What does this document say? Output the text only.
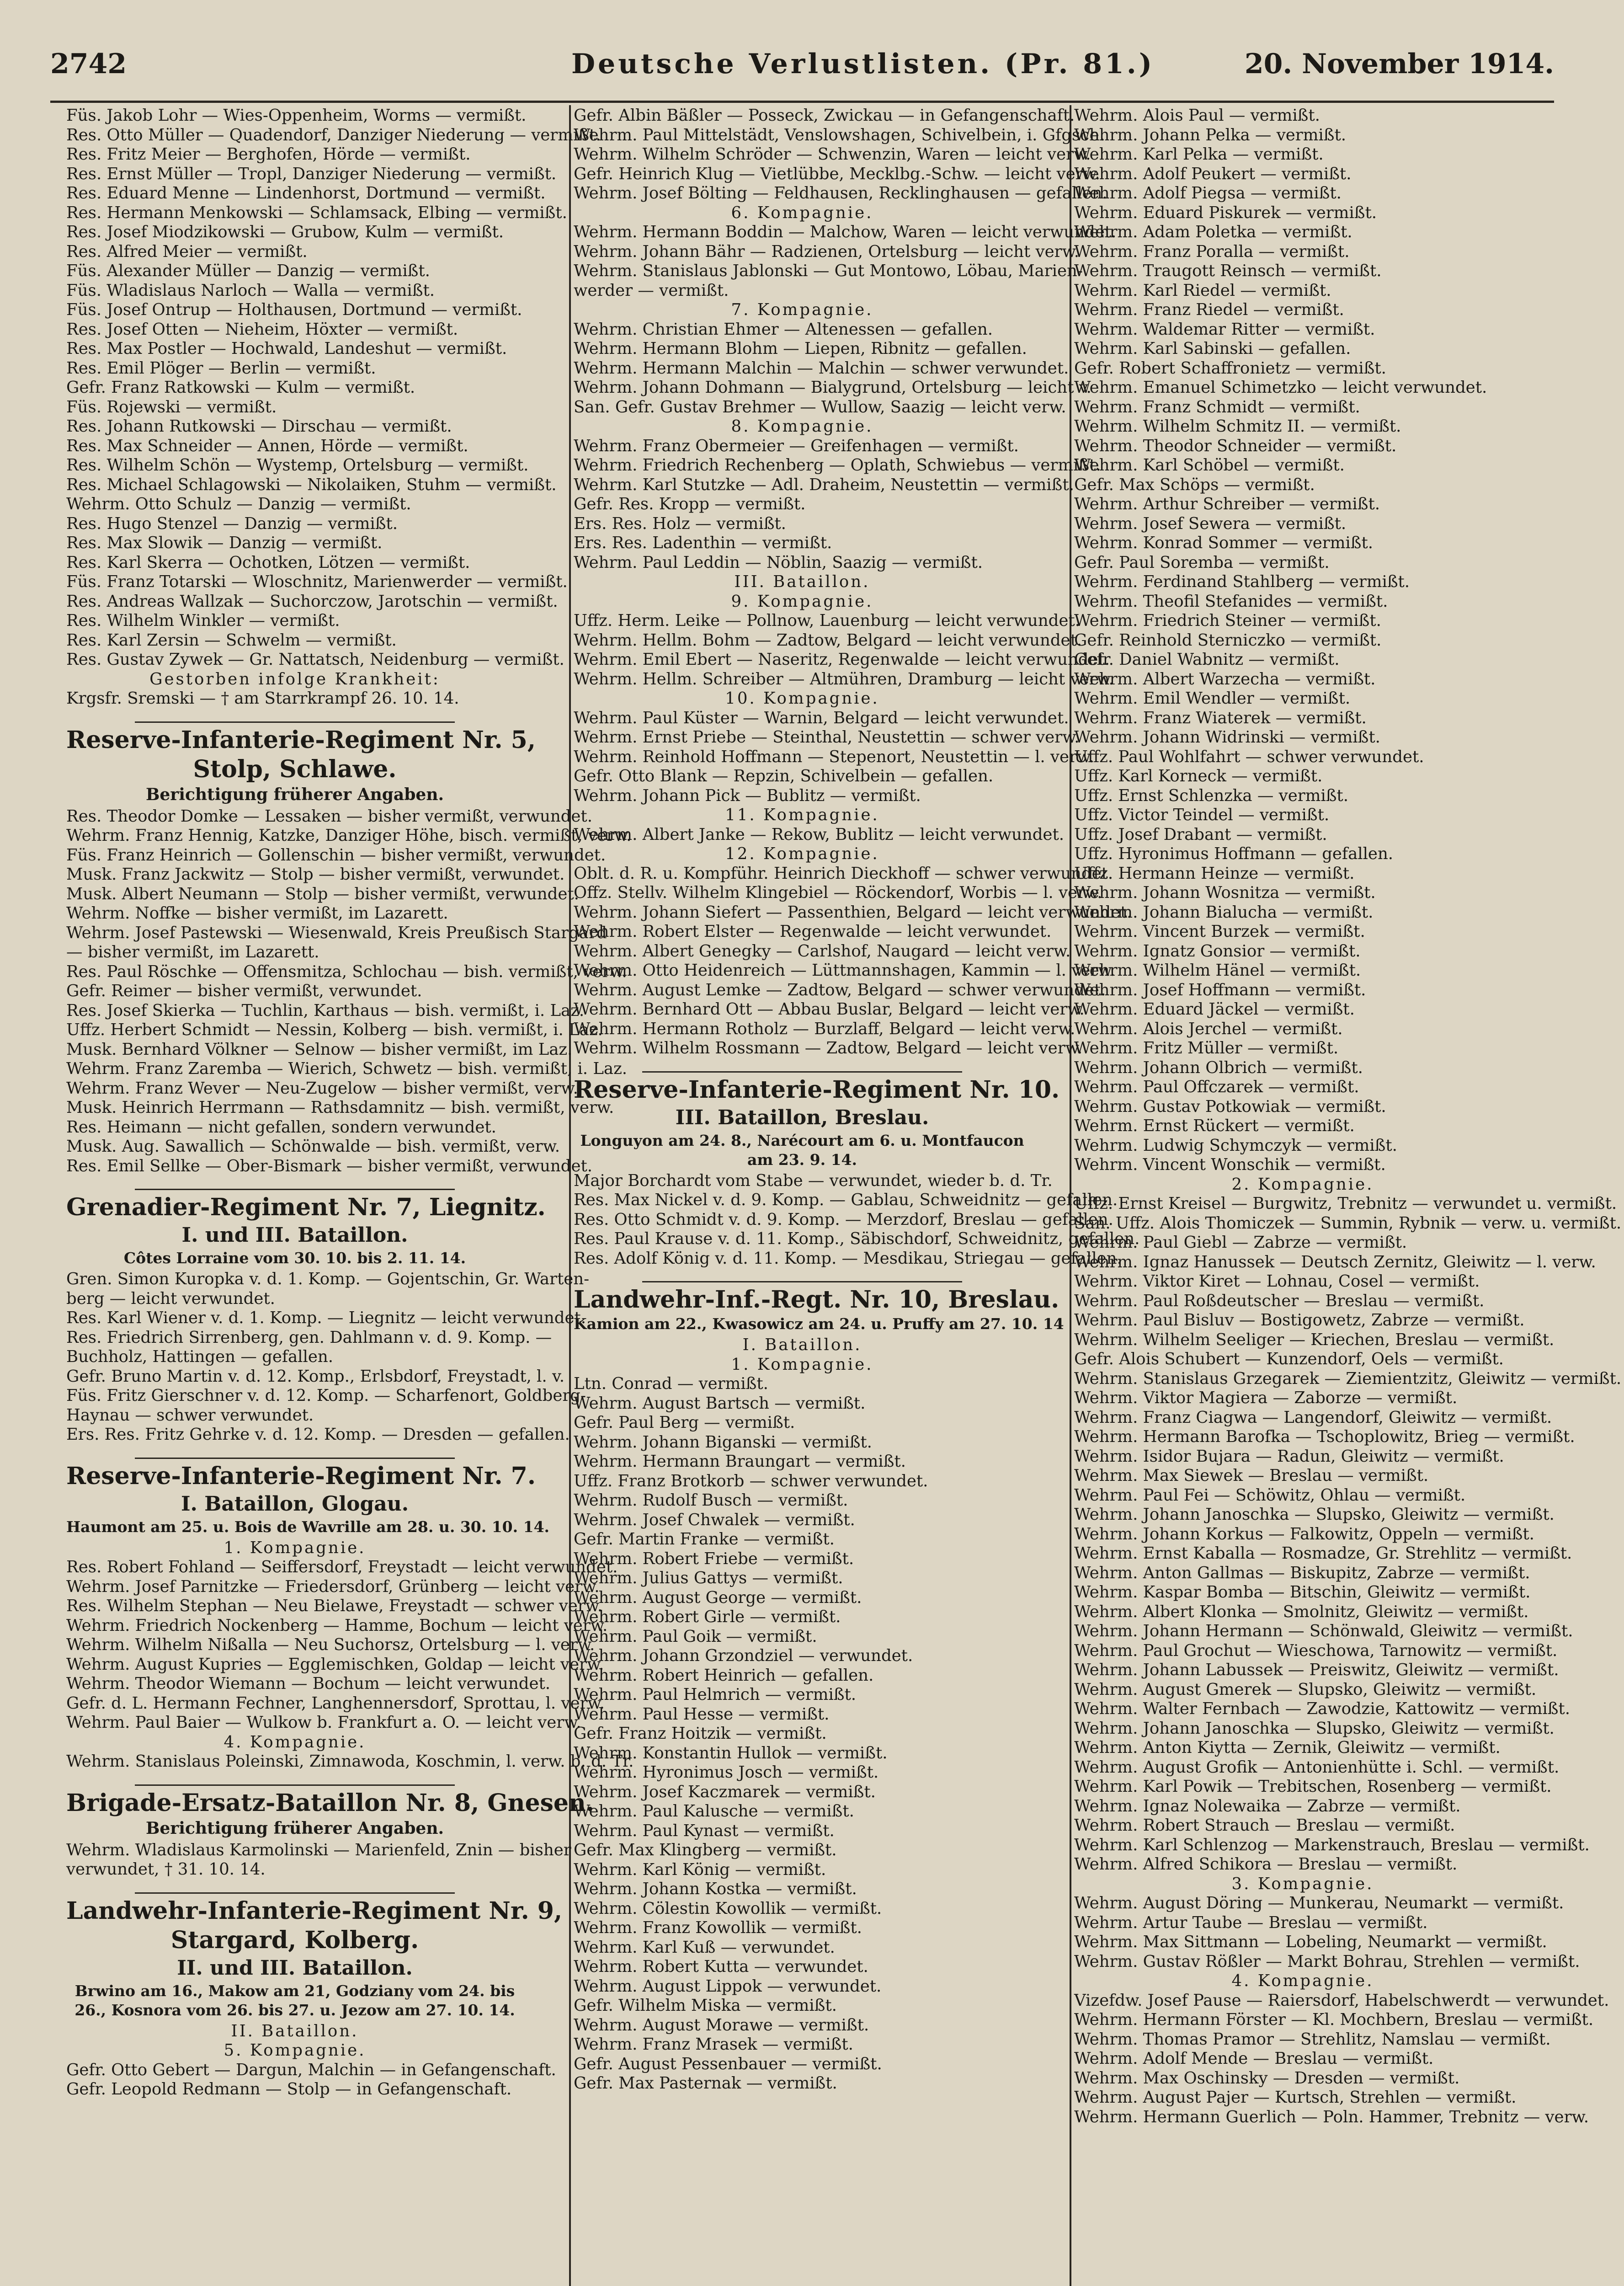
2742	Deutsche Verlustlisten. (Pr. 81.)	20. November 1914.
Füs. Jakob Lohr — Wies-Oppenheim, Worms — vermißt.
Res. Otto Müller — Quadendorf, Danziger Niederung — vermißt.
Res. Fritz Meier — Berghofen, Hörde — vermißt.
Res. Ernst Müller — Tropl, Danziger Niederung — vermißt.
Res. Eduard Menne — Lindenhorst, Dortmund — vermißt.
Res. Hermann Menkowski — Schlamsack, Elbing — vermißt.
Res. Josef Miodzikowski — Grubow, Kulm — vermißt.
Res. Alfred Meier — vermißt.
Füs. Alexander Müller — Danzig — vermißt.
Füs. Wladislaus Narloch — Walla — vermißt.
Füs. Josef Ontrup — Holthausen, Dortmund — vermißt.
Res. Josef Otten — Nieheim, Höxter — vermißt.
Res. Max Postler — Hochwald, Landeshut — vermißt.
Res. Emil Plöger — Berlin — vermißt.
Gefr. Franz Ratkowski — Kulm — vermißt.
Füs. Rojewski — vermißt.
Res. Johann Rutkowski — Dirschau — vermißt.
Res. Max Schneider — Annen, Hörde — vermißt.
Res. Wilhelm Schön — Wystemp, Ortelsburg — vermißt.
Res. Michael Schlagowski — Nikolaiken, Stuhm — vermißt.
Wehrm. Otto Schulz — Danzig — vermißt.
Res. Hugo Stenzel — Danzig — vermißt.
Res. Max Slowik — Danzig — vermißt.
Res. Karl Skerra — Ochotken, Lötzen — vermißt.
Füs. Franz Totarski — Wloschnitz, Marienwerder — vermißt.
Res. Andreas Wallzak — Suchorczow, Jarotschin — vermißt.
Res. Wilhelm Winkler — vermißt.
Res. Karl Zersin — Schwelm — vermißt.
Res. Gustav Zywek — Gr. Nattatsch, Neidenburg — vermißt.
Gestorben infolge Krankheit:
Krgsfr. Sremski — † am Starrkrampf 26. 10. 14.
Reserve-Infanterie-Regiment Nr. 5,
Stolp, Schlawe.
Berichtigung früherer Angaben.
Res. Theodor Domke — Lessaken — bisher vermißt, verwundet.
Wehrm. Franz Hennig, Katzke, Danziger Höhe, bisch. vermißt, verw.
Füs. Franz Heinrich — Gollenschin — bisher vermißt, verwundet.
Musk. Franz Jackwitz — Stolp — bisher vermißt, verwundet.
Musk. Albert Neumann — Stolp — bisher vermißt, verwundet.
Wehrm. Noffke — bisher vermißt, im Lazarett.
Wehrm. Josef Pastewski — Wiesenwald, Kreis Preußisch Stargard
— bisher vermißt, im Lazarett.
Res. Paul Röschke — Offensmitza, Schlochau — bish. vermißt, verw.
Gefr. Reimer — bisher vermißt, verwundet.
Res. Josef Skierka — Tuchlin, Karthaus — bish. vermißt, i. Laz.
Uffz. Herbert Schmidt — Nessin, Kolberg — bish. vermißt, i. Laz.
Musk. Bernhard Völkner — Selnow — bisher vermißt, im Laz.
Wehrm. Franz Zaremba — Wierich, Schwetz — bish. vermißt, i. Laz.
Wehrm. Franz Wever — Neu-Zugelow — bisher vermißt, verw.
Musk. Heinrich Herrmann — Rathsdamnitz — bish. vermißt, verw.
Res. Heimann — nicht gefallen, sondern verwundet.
Musk. Aug. Sawallich — Schönwalde — bish. vermißt, verw.
Res. Emil Sellke — Ober-Bismark — bisher vermißt, verwundet.
Grenadier-Regiment Nr. 7, Liegnitz.
I. und III. Bataillon.
Côtes Lorraine vom 30. 10. bis 2. 11. 14.
Gren. Simon Kuropka v. d. 1. Komp. — Gojentschin, Gr. Warten-
berg — leicht verwundet.
Res. Karl Wiener v. d. 1. Komp. — Liegnitz — leicht verwundet.
Res. Friedrich Sirrenberg, gen. Dahlmann v. d. 9. Komp. —
Buchholz, Hattingen — gefallen.
Gefr. Bruno Martin v. d. 12. Komp., Erlsbdorf, Freystadt, l. v.
Füs. Fritz Gierschner v. d. 12. Komp. — Scharfenort, Goldberg-
Haynau — schwer verwundet.
Ers. Res. Fritz Gehrke v. d. 12. Komp. — Dresden — gefallen.
Reserve-Infanterie-Regiment Nr. 7.
I. Bataillon, Glogau.
Haumont am 25. u. Bois de Wavrille am 28. u. 30. 10. 14.
1. Kompagnie.
Res. Robert Fohland — Seiffersdorf, Freystadt — leicht verwundet.
Wehrm. Josef Parnitzke — Friedersdorf, Grünberg — leicht verw.
Res. Wilhelm Stephan — Neu Bielawe, Freystadt — schwer verw.
Wehrm. Friedrich Nockenberg — Hamme, Bochum — leicht verw.
Wehrm. Wilhelm Nißalla — Neu Suchorsz, Ortelsburg — l. verw.
Wehrm. August Kupries — Egglemischken, Goldap — leicht verw.
Wehrm. Theodor Wiemann — Bochum — leicht verwundet.
Gefr. d. L. Hermann Fechner, Langhennersdorf, Sprottau, l. verw.
Wehrm. Paul Baier — Wulkow b. Frankfurt a. O. — leicht verw.
4. Kompagnie.
Wehrm. Stanislaus Poleinski, Zimnawoda, Koschmin, l. verw. b. d. Tr.
Brigade-Ersatz-Bataillon Nr. 8, Gnesen.
Berichtigung früherer Angaben.
Wehrm. Wladislaus Karmolinski — Marienfeld, Znin — bisher
verwundet, † 31. 10. 14.
Landwehr-Infanterie-Regiment Nr. 9,
Stargard, Kolberg.
II. und III. Bataillon.
Brwino am 16., Makow am 21, Godziany vom 24. bis
26., Kosnora vom 26. bis 27. u. Jezow am 27. 10. 14.
II. Bataillon.
5. Kompagnie.
Gefr. Otto Gebert — Dargun, Malchin — in Gefangenschaft.
Gefr. Leopold Redmann — Stolp — in Gefangenschaft.
Gefr. Albin Bäßler — Posseck, Zwickau — in Gefangenschaft.
Wehrm. Paul Mittelstädt, Venslowshagen, Schivelbein, i. Gfgsch.
Wehrm. Wilhelm Schröder — Schwenzin, Waren — leicht verw.
Gefr. Heinrich Klug — Vietlübbe, Mecklbg.-Schw. — leicht verw.
Wehrm. Josef Bölting — Feldhausen, Recklinghausen — gefallen.
6. Kompagnie.
Wehrm. Hermann Boddin — Malchow, Waren — leicht verwundet.
Wehrm. Johann Bähr — Radzienen, Ortelsburg — leicht verw.
Wehrm. Stanislaus Jablonski — Gut Montowo, Löbau, Marien-
werder — vermißt.
7. Kompagnie.
Wehrm. Christian Ehmer — Altenessen — gefallen.
Wehrm. Hermann Blohm — Liepen, Ribnitz — gefallen.
Wehrm. Hermann Malchin — Malchin — schwer verwundet.
Wehrm. Johann Dohmann — Bialygrund, Ortelsburg — leicht v.
San. Gefr. Gustav Brehmer — Wullow, Saazig — leicht verw.
8. Kompagnie.
Wehrm. Franz Obermeier — Greifenhagen — vermißt.
Wehrm. Friedrich Rechenberg — Oplath, Schwiebus — vermißt.
Wehrm. Karl Stutzke — Adl. Draheim, Neustettin — vermißt.
Gefr. Res. Kropp — vermißt.
Ers. Res. Holz — vermißt.
Ers. Res. Ladenthin — vermißt.
Wehrm. Paul Leddin — Nöblin, Saazig — vermißt.
III. Bataillon.
9. Kompagnie.
Uffz. Herm. Leike — Pollnow, Lauenburg — leicht verwundet.
Wehrm. Hellm. Bohm — Zadtow, Belgard — leicht verwundet.
Wehrm. Emil Ebert — Naseritz, Regenwalde — leicht verwundet.
Wehrm. Hellm. Schreiber — Altmühren, Dramburg — leicht verw.
10. Kompagnie.
Wehrm. Paul Küster — Warnin, Belgard — leicht verwundet.
Wehrm. Ernst Priebe — Steinthal, Neustettin — schwer verw.
Wehrm. Reinhold Hoffmann — Stepenort, Neustettin — l. verw.
Gefr. Otto Blank — Repzin, Schivelbein — gefallen.
Wehrm. Johann Pick — Bublitz — vermißt.
11. Kompagnie.
Wehrm. Albert Janke — Rekow, Bublitz — leicht verwundet.
12. Kompagnie.
Oblt. d. R. u. Kompführ. Heinrich Dieckhoff — schwer verwundet.
Offz. Stellv. Wilhelm Klingebiel — Röckendorf, Worbis — l. verw.
Wehrm. Johann Siefert — Passenthien, Belgard — leicht verwundet.
Wehrm. Robert Elster — Regenwalde — leicht verwundet.
Wehrm. Albert Genegky — Carlshof, Naugard — leicht verw.
Wehrm. Otto Heidenreich — Lüttmannshagen, Kammin — l. verw.
Wehrm. August Lemke — Zadtow, Belgard — schwer verwundet.
Wehrm. Bernhard Ott — Abbau Buslar, Belgard — leicht verw.
Wehrm. Hermann Rotholz — Burzlaff, Belgard — leicht verw.
Wehrm. Wilhelm Rossmann — Zadtow, Belgard — leicht verw.
Reserve-Infanterie-Regiment Nr. 10.
III. Bataillon, Breslau.
Longuyon am 24. 8., Narécourt am 6. u. Montfaucon
am 23. 9. 14.
Major Borchardt vom Stabe — verwundet, wieder b. d. Tr.
Res. Max Nickel v. d. 9. Komp. — Gablau, Schweidnitz — gefallen.
Res. Otto Schmidt v. d. 9. Komp. — Merzdorf, Breslau — gefallen.
Res. Paul Krause v. d. 11. Komp., Säbischdorf, Schweidnitz, gefallen.
Res. Adolf König v. d. 11. Komp. — Mesdikau, Striegau — gefallen.
Landwehr-Inf.-Regt. Nr. 10, Breslau.
Kamion am 22., Kwasowicz am 24. u. Pruffy am 27. 10. 14
I. Bataillon.
1. Kompagnie.
Ltn. Conrad — vermißt.
Wehrm. August Bartsch — vermißt.
Gefr. Paul Berg — vermißt.
Wehrm. Johann Biganski — vermißt.
Wehrm. Hermann Braungart — vermißt.
Uffz. Franz Brotkorb — schwer verwundet.
Wehrm. Rudolf Busch — vermißt.
Wehrm. Josef Chwalek — vermißt.
Gefr. Martin Franke — vermißt.
Wehrm. Robert Friebe — vermißt.
Wehrm. Julius Gattys — vermißt.
Wehrm. August George — vermißt.
Wehrm. Robert Girle — vermißt.
Wehrm. Paul Goik — vermißt.
Wehrm. Johann Grzondziel — verwundet.
Wehrm. Robert Heinrich — gefallen.
Wehrm. Paul Helmrich — vermißt.
Wehrm. Paul Hesse — vermißt.
Gefr. Franz Hoitzik — vermißt.
Wehrm. Konstantin Hullok — vermißt.
Wehrm. Hyronimus Josch — vermißt.
Wehrm. Josef Kaczmarek — vermißt.
Wehrm. Paul Kalusche — vermißt.
Wehrm. Paul Kynast — vermißt.
Gefr. Max Klingberg — vermißt.
Wehrm. Karl König — vermißt.
Wehrm. Johann Kostka — vermißt.
Wehrm. Cölestin Kowollik — vermißt.
Wehrm. Franz Kowollik — vermißt.
Wehrm. Karl Kuß — verwundet.
Wehrm. Robert Kutta — verwundet.
Wehrm. August Lippok — verwundet.
Gefr. Wilhelm Miska — vermißt.
Wehrm. August Morawe — vermißt.
Wehrm. Franz Mrasek — vermißt.
Gefr. August Pessenbauer — vermißt.
Gefr. Max Pasternak — vermißt.
Wehrm. Alois Paul — vermißt.
Wehrm. Johann Pelka — vermißt.
Wehrm. Karl Pelka — vermißt.
Wehrm. Adolf Peukert — vermißt.
Wehrm. Adolf Piegsa — vermißt.
Wehrm. Eduard Piskurek — vermißt.
Wehrm. Adam Poletka — vermißt.
Wehrm. Franz Poralla — vermißt.
Wehrm. Traugott Reinsch — vermißt.
Wehrm. Karl Riedel — vermißt.
Wehrm. Franz Riedel — vermißt.
Wehrm. Waldemar Ritter — vermißt.
Wehrm. Karl Sabinski — gefallen.
Gefr. Robert Schaffronietz — vermißt.
Wehrm. Emanuel Schimetzko — leicht verwundet.
Wehrm. Franz Schmidt — vermißt.
Wehrm. Wilhelm Schmitz II. — vermißt.
Wehrm. Theodor Schneider — vermißt.
Wehrm. Karl Schöbel — vermißt.
Gefr. Max Schöps — vermißt.
Wehrm. Arthur Schreiber — vermißt.
Wehrm. Josef Sewera — vermißt.
Wehrm. Konrad Sommer — vermißt.
Gefr. Paul Soremba — vermißt.
Wehrm. Ferdinand Stahlberg — vermißt.
Wehrm. Theofil Stefanides — vermißt.
Wehrm. Friedrich Steiner — vermißt.
Gefr. Reinhold Sterniczko — vermißt.
Gefr. Daniel Wabnitz — vermißt.
Wehrm. Albert Warzecha — vermißt.
Wehrm. Emil Wendler — vermißt.
Wehrm. Franz Wiaterek — vermißt.
Wehrm. Johann Widrinski — vermißt.
Uffz. Paul Wohlfahrt — schwer verwundet.
Uffz. Karl Korneck — vermißt.
Uffz. Ernst Schlenzka — vermißt.
Uffz. Victor Teindel — vermißt.
Uffz. Josef Drabant — vermißt.
Uffz. Hyronimus Hoffmann — gefallen.
Uffz. Hermann Heinze — vermißt.
Wehrm. Johann Wosnitza — vermißt.
Wehrm. Johann Bialucha — vermißt.
Wehrm. Vincent Burzek — vermißt.
Wehrm. Ignatz Gonsior — vermißt.
Wehrm. Wilhelm Hänel — vermißt.
Wehrm. Josef Hoffmann — vermißt.
Wehrm. Eduard Jäckel — vermißt.
Wehrm. Alois Jerchel — vermißt.
Wehrm. Fritz Müller — vermißt.
Wehrm. Johann Olbrich — vermißt.
Wehrm. Paul Offczarek — vermißt.
Wehrm. Gustav Potkowiak — vermißt.
Wehrm. Ernst Rückert — vermißt.
Wehrm. Ludwig Schymczyk — vermißt.
Wehrm. Vincent Wonschik — vermißt.
2. Kompagnie.
Uffz. Ernst Kreisel — Burgwitz, Trebnitz — verwundet u. vermißt.
San. Uffz. Alois Thomiczek — Summin, Rybnik — verw. u. vermißt.
Wehrm. Paul Giebl — Zabrze — vermißt.
Wehrm. Ignaz Hanussek — Deutsch Zernitz, Gleiwitz — l. verw.
Wehrm. Viktor Kiret — Lohnau, Cosel — vermißt.
Wehrm. Paul Roßdeutscher — Breslau — vermißt.
Wehrm. Paul Bisluv — Bostigowetz, Zabrze — vermißt.
Wehrm. Wilhelm Seeliger — Kriechen, Breslau — vermißt.
Gefr. Alois Schubert — Kunzendorf, Oels — vermißt.
Wehrm. Stanislaus Grzegarek — Ziemientzitz, Gleiwitz — vermißt.
Wehrm. Viktor Magiera — Zaborze — vermißt.
Wehrm. Franz Ciagwa — Langendorf, Gleiwitz — vermißt.
Wehrm. Hermann Barofka — Tschoplowitz, Brieg — vermißt.
Wehrm. Isidor Bujara — Radun, Gleiwitz — vermißt.
Wehrm. Max Siewek — Breslau — vermißt.
Wehrm. Paul Fei — Schöwitz, Ohlau — vermißt.
Wehrm. Johann Janoschka — Slupsko, Gleiwitz — vermißt.
Wehrm. Johann Korkus — Falkowitz, Oppeln — vermißt.
Wehrm. Ernst Kaballa — Rosmadze, Gr. Strehlitz — vermißt.
Wehrm. Anton Gallmas — Biskupitz, Zabrze — vermißt.
Wehrm. Kaspar Bomba — Bitschin, Gleiwitz — vermißt.
Wehrm. Albert Klonka — Smolnitz, Gleiwitz — vermißt.
Wehrm. Johann Hermann — Schönwald, Gleiwitz — vermißt.
Wehrm. Paul Grochut — Wieschowa, Tarnowitz — vermißt.
Wehrm. Johann Labussek — Preiswitz, Gleiwitz — vermißt.
Wehrm. August Gmerek — Slupsko, Gleiwitz — vermißt.
Wehrm. Walter Fernbach — Zawodzie, Kattowitz — vermißt.
Wehrm. Johann Janoschka — Slupsko, Gleiwitz — vermißt.
Wehrm. Anton Kiytta — Zernik, Gleiwitz — vermißt.
Wehrm. August Grofik — Antonienhütte i. Schl. — vermißt.
Wehrm. Karl Powik — Trebitschen, Rosenberg — vermißt.
Wehrm. Ignaz Nolewaika — Zabrze — vermißt.
Wehrm. Robert Strauch — Breslau — vermißt.
Wehrm. Karl Schlenzog — Markenstrauch, Breslau — vermißt.
Wehrm. Alfred Schikora — Breslau — vermißt.
3. Kompagnie.
Wehrm. August Döring — Munkerau, Neumarkt — vermißt.
Wehrm. Artur Taube — Breslau — vermißt.
Wehrm. Max Sittmann — Lobeling, Neumarkt — vermißt.
Wehrm. Gustav Rößler — Markt Bohrau, Strehlen — vermißt.
4. Kompagnie.
Vizefdw. Josef Pause — Raiersdorf, Habelschwerdt — verwundet.
Wehrm. Hermann Förster — Kl. Mochbern, Breslau — vermißt.
Wehrm. Thomas Pramor — Strehlitz, Namslau — vermißt.
Wehrm. Adolf Mende — Breslau — vermißt.
Wehrm. Max Oschinsky — Dresden — vermißt.
Wehrm. August Pajer — Kurtsch, Strehlen — vermißt.
Wehrm. Hermann Guerlich — Poln. Hammer, Trebnitz — verw.
